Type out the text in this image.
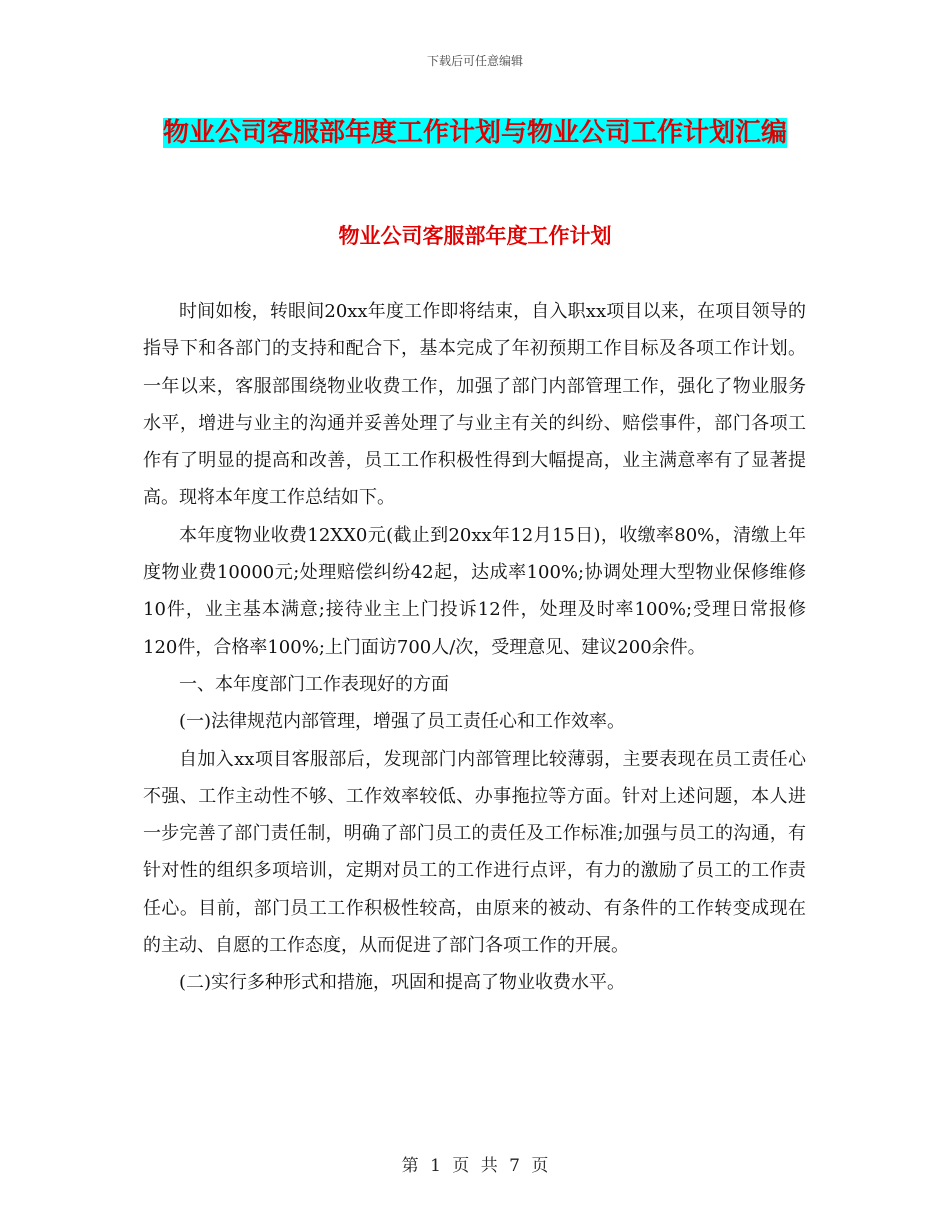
下载后可任意编辑
物业公司客服部年度工作计划与物业公司工作计划汇编
物业公司客服部年度工作计划

时间如梭，转眼间20xx年度工作即将结束，自入职xx项目以来，在项目领导的指导下和各部门的支持和配合下，基本完成了年初预期工作目标及各项工作计划。一年以来，客服部围绕物业收费工作，加强了部门内部管理工作，强化了物业服务水平，增进与业主的沟通并妥善处理了与业主有关的纠纷、赔偿事件，部门各项工作有了明显的提高和改善，员工工作积极性得到大幅提高，业主满意率有了显著提高。现将本年度工作总结如下。

本年度物业收费12XX0元(截止到20xx年12月15日)，收缴率80%，清缴上年度物业费10000元;处理赔偿纠纷42起，达成率100%;协调处理大型物业保修维修10件，业主基本满意;接待业主上门投诉12件，处理及时率100%;受理日常报修120件，合格率100%;上门面访700人/次，受理意见、建议200余件。

一、本年度部门工作表现好的方面

(一)法律规范内部管理，增强了员工责任心和工作效率。

自加入xx项目客服部后，发现部门内部管理比较薄弱，主要表现在员工责任心不强、工作主动性不够、工作效率较低、办事拖拉等方面。针对上述问题，本人进一步完善了部门责任制，明确了部门员工的责任及工作标准;加强与员工的沟通，有针对性的组织多项培训，定期对员工的工作进行点评，有力的激励了员工的工作责任心。目前，部门员工工作积极性较高，由原来的被动、有条件的工作转变成现在的主动、自愿的工作态度，从而促进了部门各项工作的开展。

(二)实行多种形式和措施，巩固和提高了物业收费水平。

第 1 页 共 7 页
